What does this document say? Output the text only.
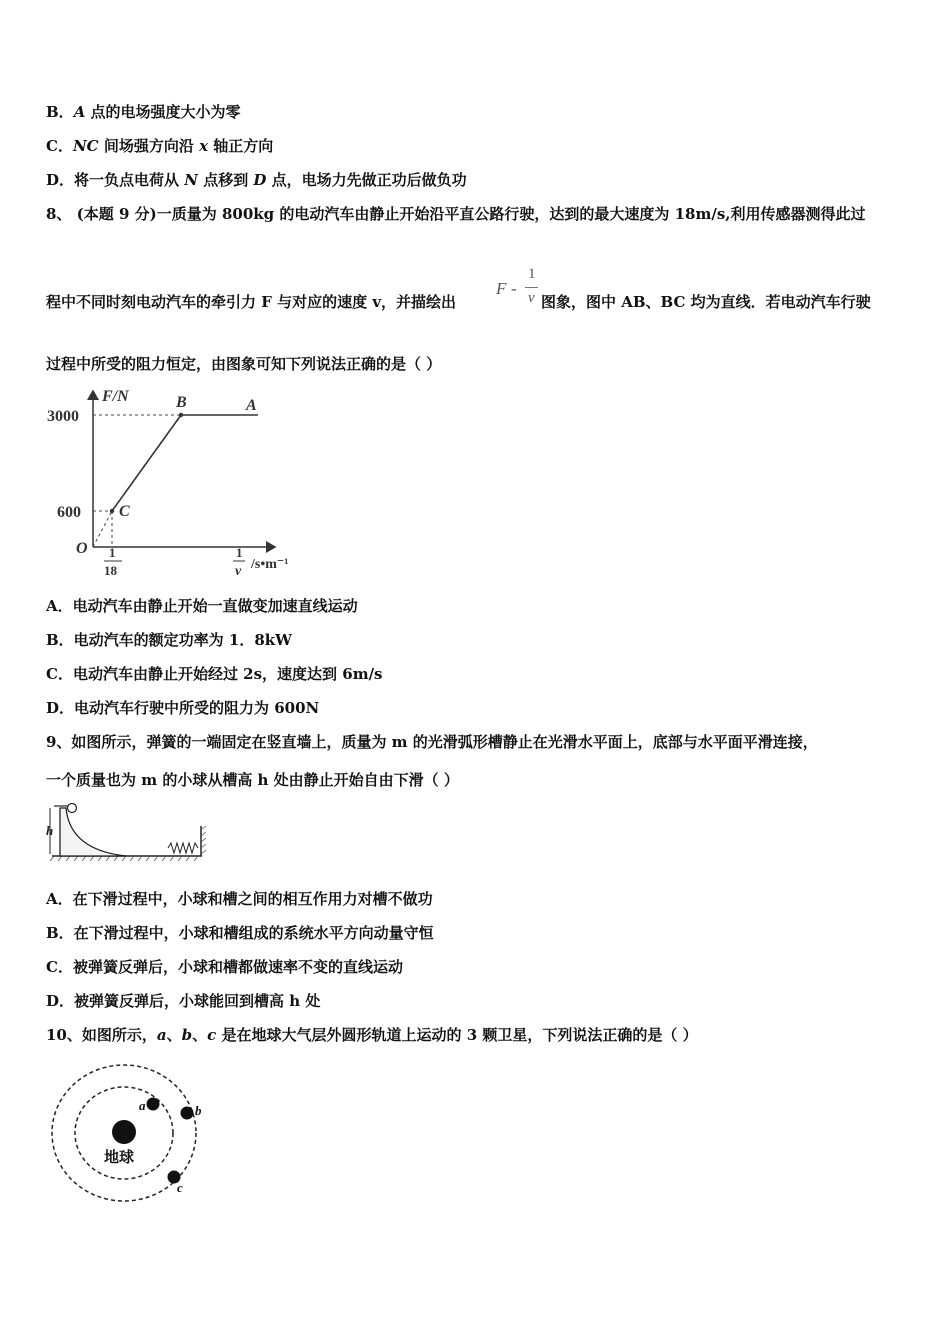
B．A 点的电场强度大小为零
C．NC 间场强方向沿 x 轴正方向
D．将一负点电荷从 N 点移到 D 点，电场力先做正功后做负功
8、 (本题 9 分)一质量为 800kg 的电动汽车由静止开始沿平直公路行驶，达到的最大速度为 18m/s,利用传感器测得此过
程中不同时刻电动汽车的牵引力 F 与对应的速度 v，并描绘出
F -
1
v 图象，图中 AB、BC 均为直线．若电动汽车行驶
过程中所受的阻力恒定，由图象可知下列说法正确的是（ ）
F/N
3000
600
O
B	A
C
1
18
1
v /s•m⁻¹
A．电动汽车由静止开始一直做变加速直线运动
B．电动汽车的额定功率为 1．8kW
C．电动汽车由静止开始经过 2s，速度达到 6m/s
D．电动汽车行驶中所受的阻力为 600N
9、如图所示，弹簧的一端固定在竖直墙上，质量为 m 的光滑弧形槽静止在光滑水平面上，底部与水平面平滑连接，
一个质量也为 m 的小球从槽高 h 处由静止开始自由下滑（ ）
h
A．在下滑过程中，小球和槽之间的相互作用力对槽不做功
B．在下滑过程中，小球和槽组成的系统水平方向动量守恒
C．被弹簧反弹后，小球和槽都做速率不变的直线运动
D．被弹簧反弹后，小球能回到槽高 h 处
10、如图所示，a、b、c 是在地球大气层外圆形轨道上运动的 3 颗卫星，下列说法正确的是（ ）
地球
a	b
c
